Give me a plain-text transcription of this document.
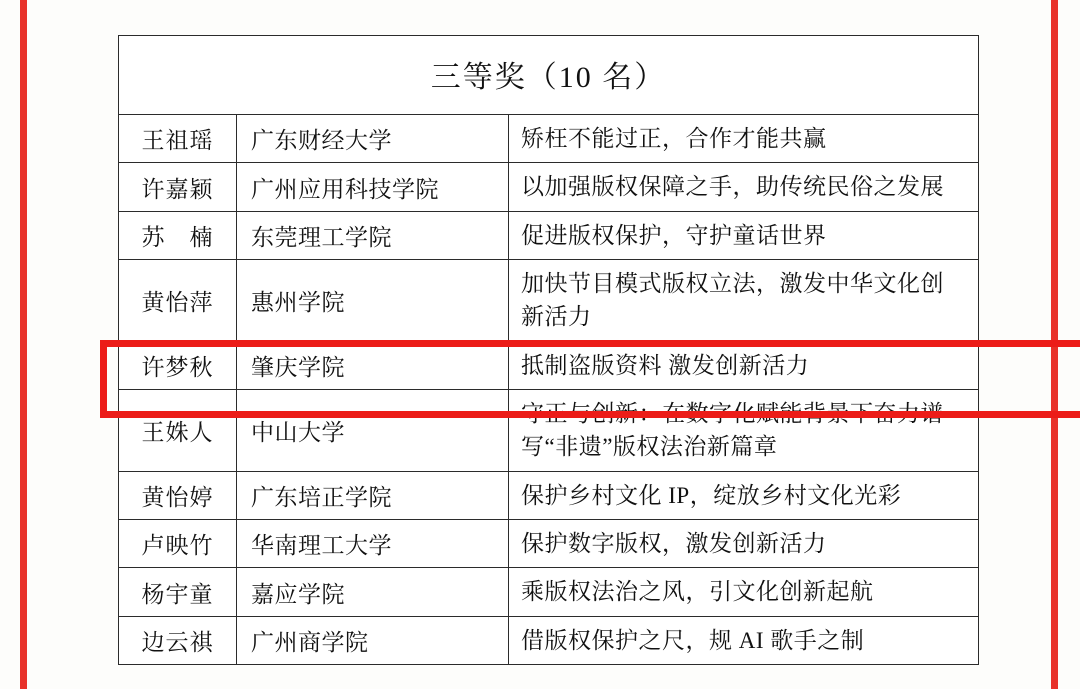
三等奖（10 名）		
王祖瑶	广东财经大学	矫枉不能过正，合作才能共赢
许嘉颖	广州应用科技学院	以加强版权保障之手，助传统民俗之发展
苏　楠	东莞理工学院	促进版权保护，守护童话世界
黄怡萍	惠州学院	加快节目模式版权立法，激发中华文化创新活力
许梦秋	肇庆学院	抵制盗版资料 激发创新活力
王姝人	中山大学	守正与创新：在数字化赋能背景下奋力谱写“非遗”版权法治新篇章
黄怡婷	广东培正学院	保护乡村文化 IP，绽放乡村文化光彩
卢映竹	华南理工大学	保护数字版权，激发创新活力
杨宇童	嘉应学院	乘版权法治之风，引文化创新起航
边云祺	广州商学院	借版权保护之尺，规 AI 歌手之制
